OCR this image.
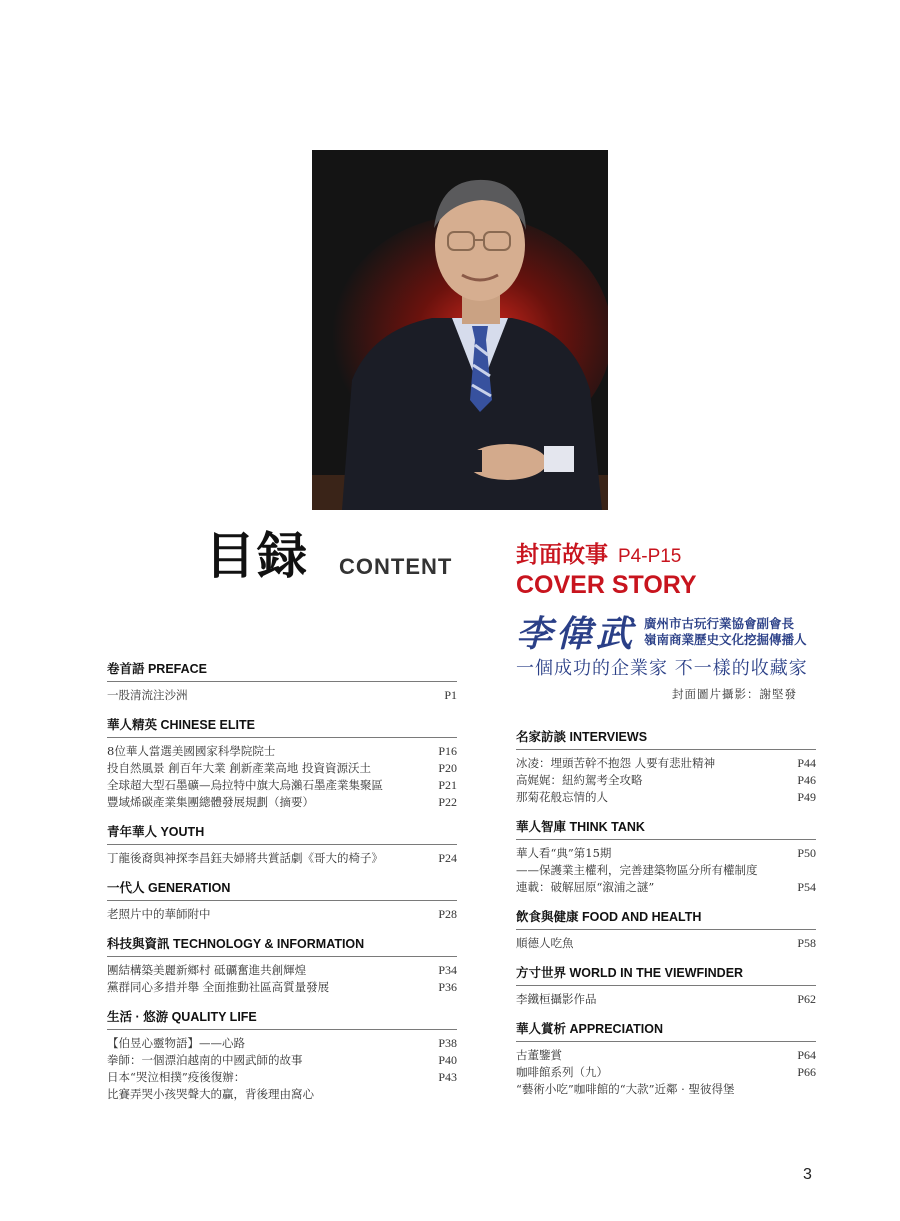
目録 CONTENT	封面故事 P4-P15
COVER STORY
李偉武 廣州市古玩行業協會副會長
嶺南商業歷史文化挖掘傳播人
一個成功的企業家 不一樣的收藏家
封面圖片攝影：謝堅發
卷首語 PREFACE
一股清流注沙洲	P1
華人精英 CHINESE ELITE
8位華人當選美國國家科學院院士	P16
投自然風景 創百年大業 創新產業高地 投資資源沃土	P20
全球超大型石墨礦—烏拉特中旗大烏瀨石墨產業集聚區	P21
豐域烯碳產業集團總體發展規劃（摘要）	P22
青年華人 YOUTH
丁龍後裔與神探李昌鈺夫婦將共賞話劇《哥大的椅子》	P24
一代人 GENERATION
老照片中的華師附中	P28
科技與資訊 TECHNOLOGY & INFORMATION
團結構築美麗新鄉村 砥礪奮進共創輝煌	P34
黨群同心多措并舉 全面推動社區高質量發展	P36
生活 · 悠游 QUALITY LIFE
【伯昱心靈物語】——心路	P38
拳師：一個漂泊越南的中國武師的故事	P40
日本“哭泣相撲”疫後復辦：	P43
比賽弄哭小孩哭聲大的贏，背後理由窩心
名家訪談 INTERVIEWS
冰凌：埋頭苦幹不抱怨 人要有悲壯精神	P44
高娓娓：紐約駕考全攻略	P46
那菊花般忘情的人	P49
華人智庫 THINK TANK
華人看“典”第15期	P50
——保護業主權利，完善建築物區分所有權制度
連載：破解屈原“溆浦之謎”	P54
飲食與健康 FOOD AND HEALTH
順德人吃魚	P58
方寸世界 WORLD IN THE VIEWFINDER
李鐵桓攝影作品	P62
華人賞析 APPRECIATION
古董鑒賞	P64
咖啡館系列（九）	P66
“藝術小吃”咖啡館的“大款”近鄰 · 聖彼得堡
3
